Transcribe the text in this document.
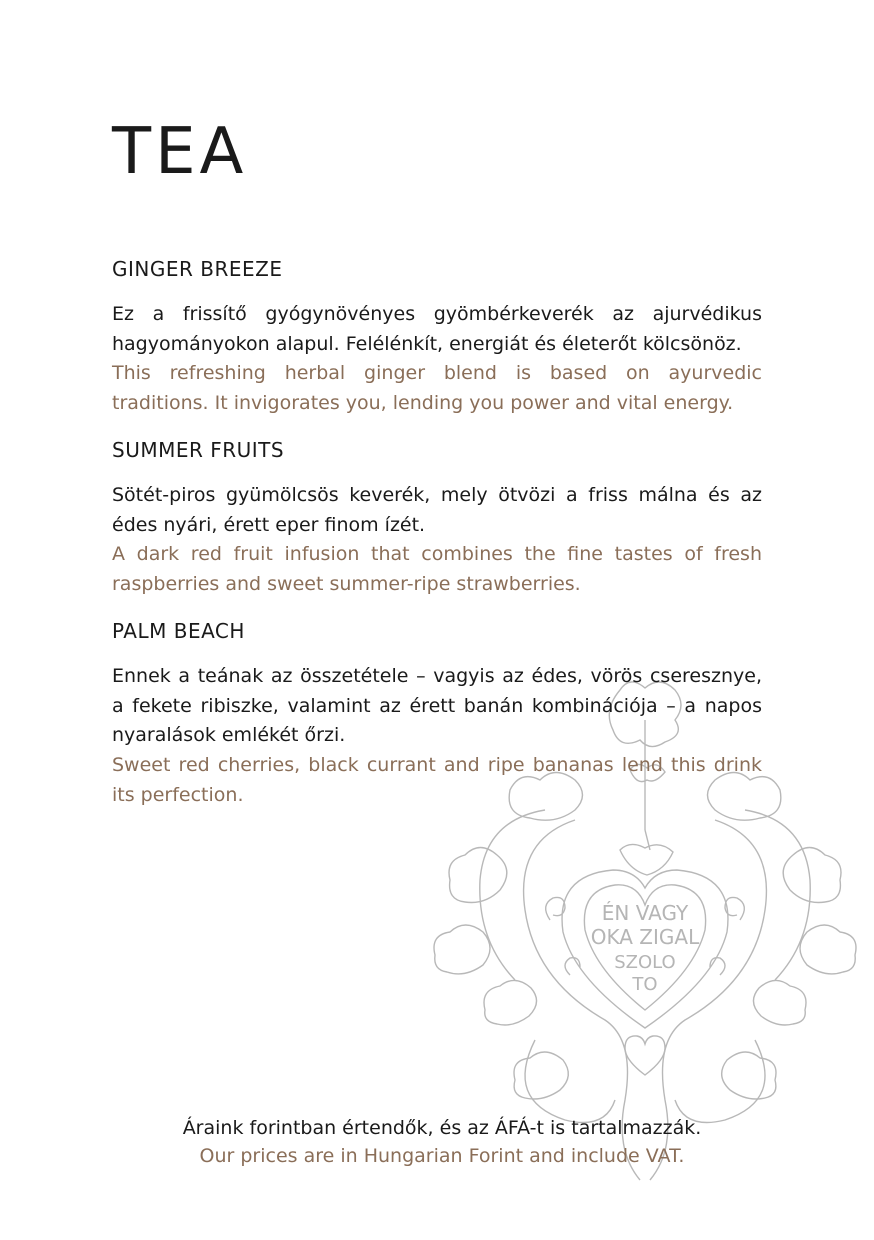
ÉN VAGY
OKA ZIGAL
SZOLO
TO
TEA
GINGER BREEZE

Ez a frissítő gyógynövényes gyömbérkeverék az ajurvédikus hagyományokon alapul. Felélénkít, energiát és életerőt kölcsönöz.

This refreshing herbal ginger blend is based on ayurvedic traditions. It invigorates you, lending you power and vital energy.

SUMMER FRUITS

Sötét-piros gyümölcsös keverék, mely ötvözi a friss málna és az édes nyári, érett eper finom ízét.

A dark red fruit infusion that combines the fine tastes of fresh raspberries and sweet summer-ripe strawberries.

PALM BEACH

Ennek a teának az összetétele – vagyis az édes, vörös cseresznye, a fekete ribiszke, valamint az érett banán kombinációja – a napos nyaralások emlékét őrzi.

Sweet red cherries, black currant and ripe bananas lend this drink its perfection.

Áraink forintban értendők, és az ÁFÁ-t is tartalmazzák.
Our prices are in Hungarian Forint and include VAT.
